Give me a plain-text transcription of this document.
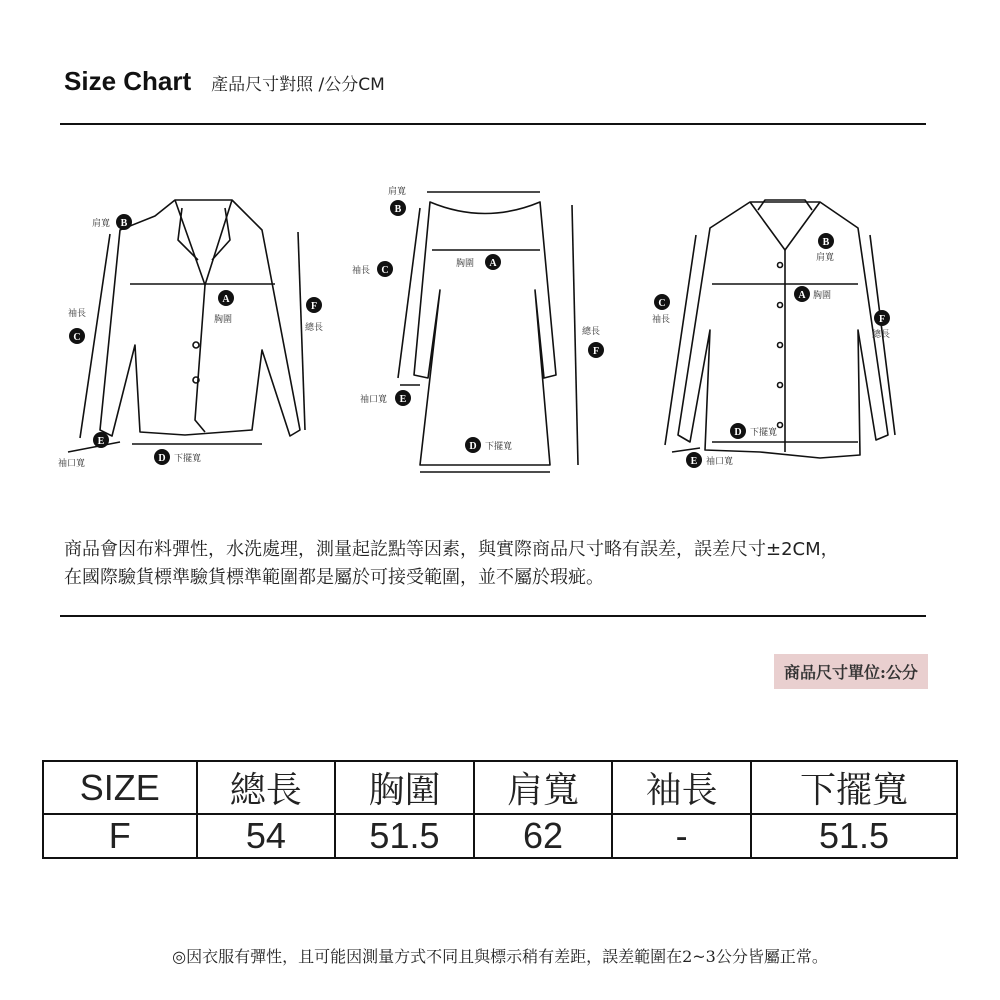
Size Chart 產品尺寸對照 /公分CM
肩寬 B
A
胸圍
袖長
C
F
總長
E
袖口寬	D 下擺寬
肩寬
B
胸圍 A
袖長 C
總長
F
袖口寬 E
D 下擺寬
B
肩寬
A 胸圍
C
袖長	F
總長
D 下擺寬
E 袖口寬
商品會因布料彈性，水洗處理，測量起訖點等因素，與實際商品尺寸略有誤差，誤差尺寸±2CM，
在國際驗貨標準驗貨標準範圍都是屬於可接受範圍，並不屬於瑕疵。
商品尺寸單位:公分
SIZE	總長	胸圍	肩寬	袖長	下擺寬
F	54	51.5	62	-	51.5
◎因衣服有彈性，且可能因測量方式不同且與標示稍有差距，誤差範圍在2~3公分皆屬正常。
